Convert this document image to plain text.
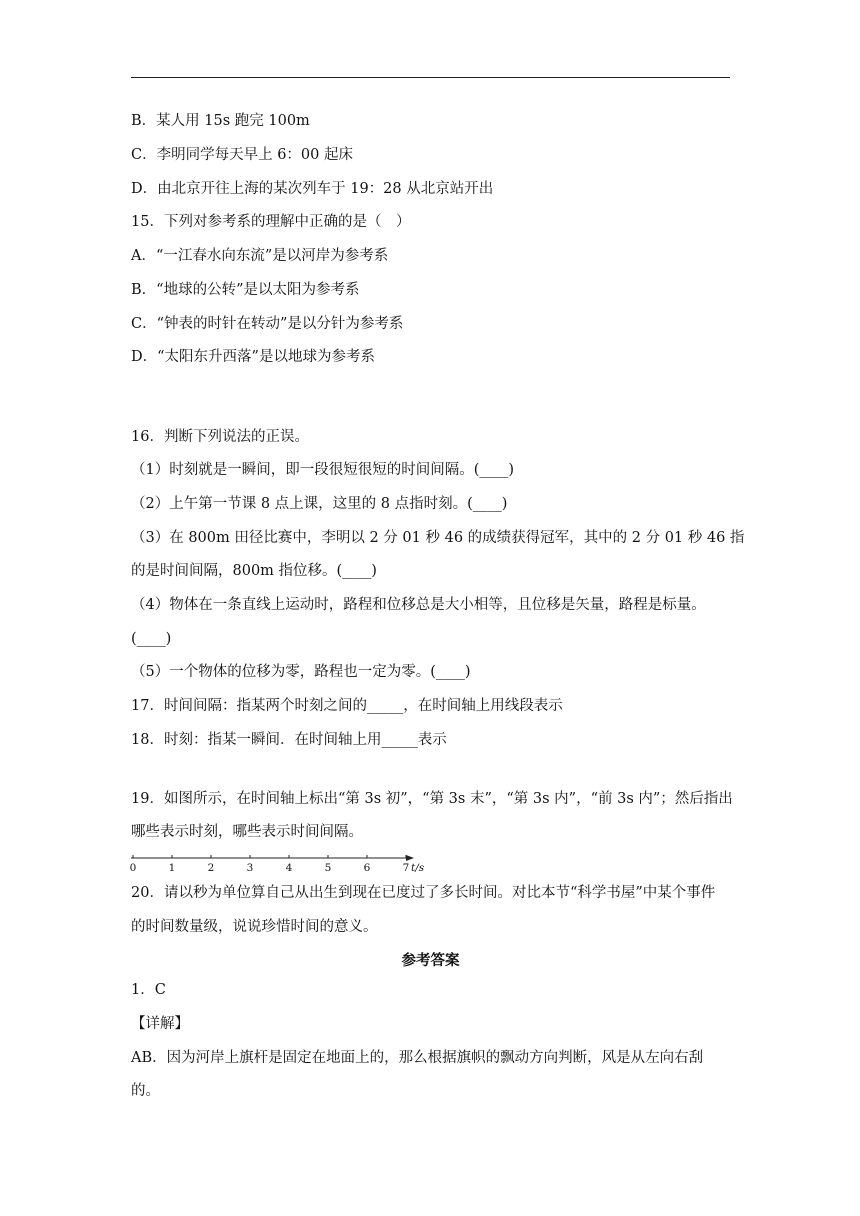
B．某人用 15s 跑完 100m
C．李明同学每天早上 6：00 起床
D．由北京开往上海的某次列车于 19：28 从北京站开出
15．下列对参考系的理解中正确的是（　）
A．“一江春水向东流”是以河岸为参考系
B．“地球的公转”是以太阳为参考系
C．“钟表的时针在转动”是以分针为参考系
D．“太阳东升西落”是以地球为参考系
16．判断下列说法的正误。
（1）时刻就是一瞬间，即一段很短很短的时间间隔。(____)
（2）上午第一节课 8 点上课，这里的 8 点指时刻。(____)
（3）在 800m 田径比赛中，李明以 2 分 01 秒 46 的成绩获得冠军，其中的 2 分 01 秒 46 指
的是时间间隔，800m 指位移。(____)
（4）物体在一条直线上运动时，路程和位移总是大小相等，且位移是矢量，路程是标量。
(____)
（5）一个物体的位移为零，路程也一定为零。(____)
17．时间间隔：指某两个时刻之间的_____，在时间轴上用线段表示
18．时刻：指某一瞬间．在时间轴上用_____表示
19．如图所示，在时间轴上标出“第 3s 初”，“第 3s 末”，“第 3s 内”，“前 3s 内”；然后指出
哪些表示时刻，哪些表示时间间隔。
0	1	2	3	4	5	6	7 t/s
20．请以秒为单位算自己从出生到现在已度过了多长时间。对比本节“科学书屋”中某个事件
的时间数量级，说说珍惜时间的意义。
参考答案
1．C
【详解】
AB．因为河岸上旗杆是固定在地面上的，那么根据旗帜的飘动方向判断，风是从左向右刮
的。
